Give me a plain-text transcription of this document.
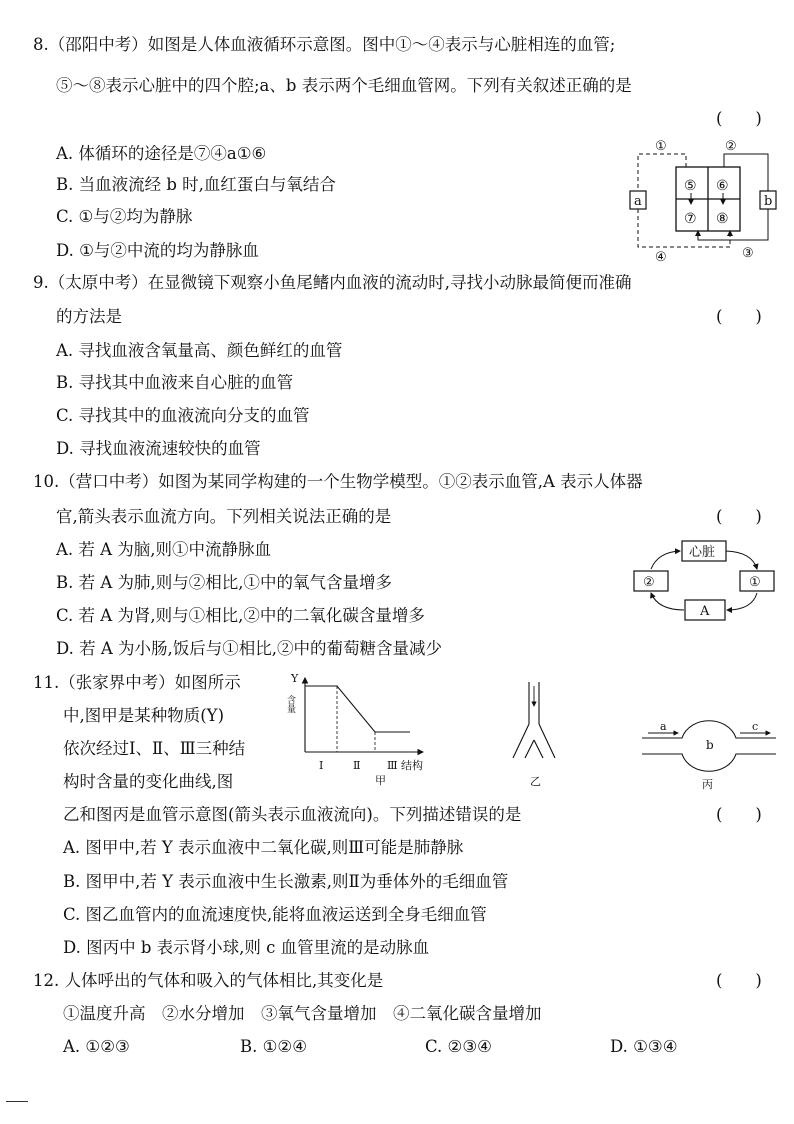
8.（邵阳中考）如图是人体血液循环示意图。图中①～④表示与心脏相连的血管;
⑤～⑧表示心脏中的四个腔;a、b 表示两个毛细血管网。下列有关叙述正确的是
(　　)
A. 体循环的途径是⑦④a①⑥
B. 当血液流经 b 时,血红蛋白与氧结合
C. ①与②均为静脉
D. ①与②中流的均为静脉血
⑤ ⑥
⑦ ⑧
a	b
①	②
③
④
9.（太原中考）在显微镜下观察小鱼尾鳍内血液的流动时,寻找小动脉最简便而准确
的方法是	(　　)
A. 寻找血液含氧量高、颜色鲜红的血管
B. 寻找其中血液来自心脏的血管
C. 寻找其中的血液流向分支的血管
D. 寻找血液流速较快的血管
10.（营口中考）如图为某同学构建的一个生物学模型。①②表示血管,A 表示人体器
官,箭头表示血流方向。下列相关说法正确的是	(　　)
A. 若 A 为脑,则①中流静脉血
B. 若 A 为肺,则与②相比,①中的氧气含量增多
C. 若 A 为肾,则与①相比,②中的二氧化碳含量增多
D. 若 A 为小肠,饭后与①相比,②中的葡萄糖含量减少
心脏
①
②
A
11.（张家界中考）如图所示
中,图甲是某种物质(Y)
依次经过Ⅰ、Ⅱ、Ⅲ三种结
构时含量的变化曲线,图
乙和图丙是血管示意图(箭头表示血液流向)。下列描述错误的是	(　　)
A. 图甲中,若 Y 表示血液中二氧化碳,则Ⅲ可能是肺静脉
B. 图甲中,若 Y 表示血液中生长激素,则Ⅱ为垂体外的毛细血管
C. 图乙血管内的血流速度快,能将血液运送到全身毛细血管
D. 图丙中 b 表示肾小球,则 c 血管里流的是动脉血
Y
含量
Ⅰ	Ⅱ Ⅲ 结构
甲	乙
a
b
c
丙
12. 人体呼出的气体和吸入的气体相比,其变化是	(　　)
①温度升高　②水分增加　③氧气含量增加　④二氧化碳含量增加
A. ①②③	B. ①②④	C. ②③④	D. ①③④
